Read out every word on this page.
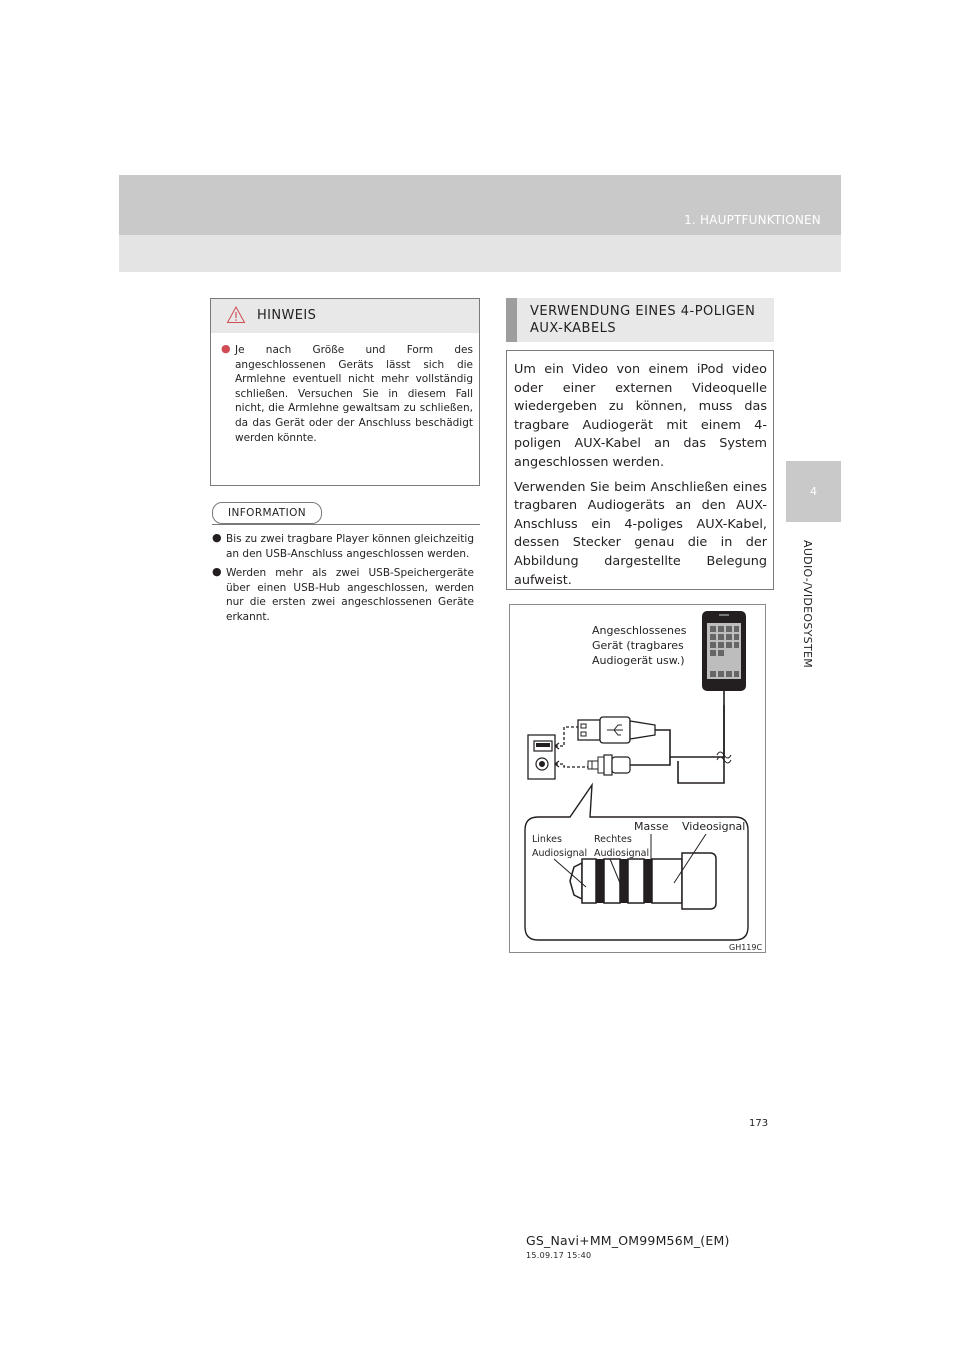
1. HAUPTFUNKTIONEN
4
AUDIO-/VIDEOSYSTEM
HINWEIS
● Je nach Größe und Form des angeschlossenen Geräts lässt sich die Armlehne eventuell nicht mehr vollständig schließen. Versuchen Sie in diesem Fall nicht, die Armlehne gewaltsam zu schließen, da das Gerät oder der Anschluss beschädigt werden könnte.
INFORMATION
● Bis zu zwei tragbare Player können gleichzeitig an den USB-Anschluss angeschlossen werden.
● Werden mehr als zwei USB-Speichergeräte über einen USB-Hub angeschlossen, werden nur die ersten zwei angeschlossenen Geräte erkannt.
VERWENDUNG EINES 4-POLIGEN AUX-KABELS

Um ein Video von einem iPod video oder einer externen Videoquelle wiedergeben zu können, muss das tragbare Audiogerät mit einem 4-poligen AUX-Kabel an das System angeschlossen werden.

Verwenden Sie beim Anschließen eines tragbaren Audiogeräts an den AUX-Anschluss ein 4-poliges AUX-Kabel, dessen Stecker genau die in der Abbildung dargestellte Belegung aufweist.

Angeschlossenes
Gerät (tragbares
Audiogerät usw.)
Linkes
Audiosignal
Rechtes
Audiosignal
Masse Videosignal
GH119C
173
GS_Navi+MM_OM99M56M_(EM)
15.09.17 15:40
